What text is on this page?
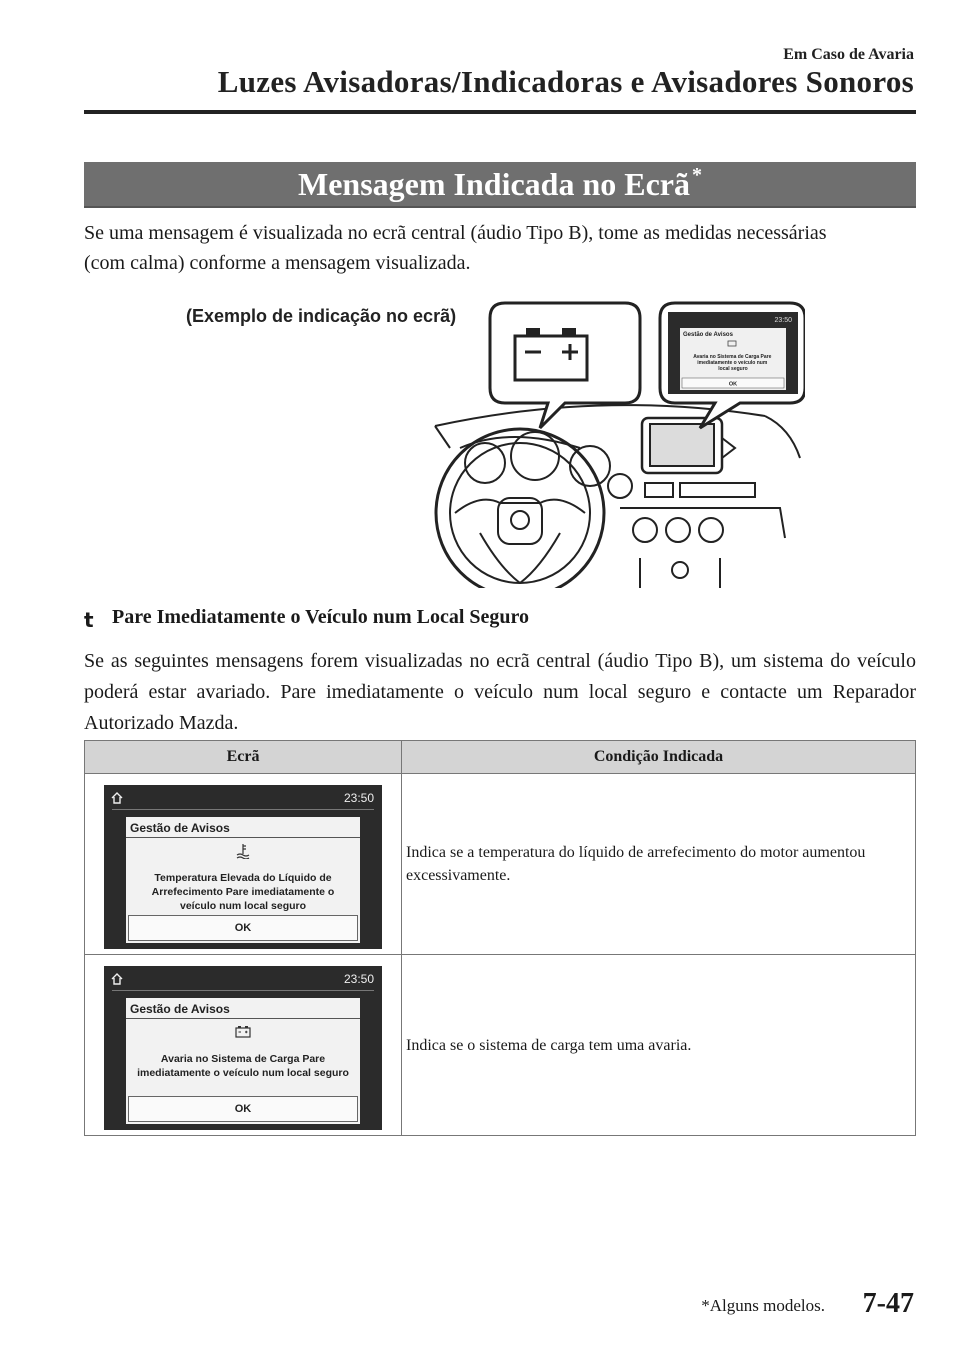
Em Caso de Avaria
Luzes Avisadoras/Indicadoras e Avisadores Sonoros
Mensagem Indicada no Ecrã *
Se uma mensagem é visualizada no ecrã central (áudio Tipo B), tome as medidas necessárias (com calma) conforme a mensagem visualizada.
23:50
Gestão de Avisos
Avaria no Sistema de Carga Pare imediatamente o veículo num local seguro
OK
(Exemplo de indicação no ecrã)
t Pare Imediatamente o Veículo num Local Seguro
Se as seguintes mensagens forem visualizadas no ecrã central (áudio Tipo B), um sistema do veículo poderá estar avariado. Pare imediatamente o veículo num local seguro e contacte um Reparador Autorizado Mazda.
Ecrã	Condição Indicada

23:50
Gestão de Avisos
Temperatura Elevada do Líquido de Arrefecimento Pare imediatamente o veículo num local seguro
OK	Indica se a temperatura do líquido de arrefecimento do motor aumentou excessivamente.

23:50
Gestão de Avisos
Avaria no Sistema de Carga Pare imediatamente o veículo num local seguro
OK	Indica se o sistema de carga tem uma avaria.
*Alguns modelos. 7-47
